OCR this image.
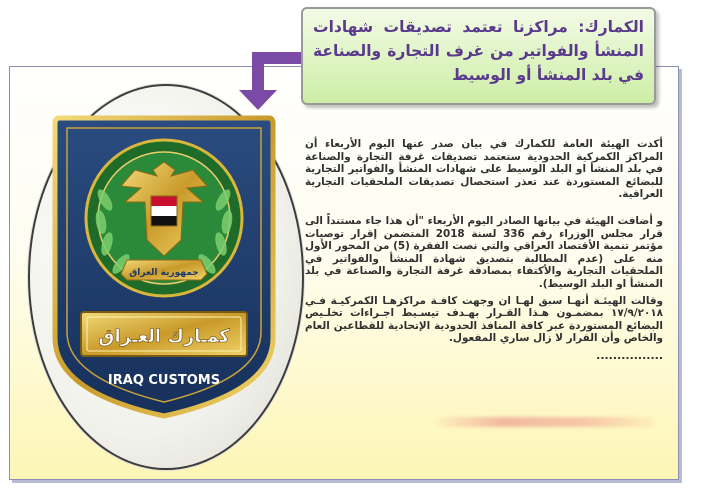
الكمارك: مراكزنا تعتمد تصديقات شهادات المنشأ والفواتير من غرف التجارة والصناعة في بلد المنشأ أو الوسيط

جمهورية العراق
كمـارك العـراق
IRAQ CUSTOMS

أكدت الهيئة العامة للكمارك في بيان صدر عنها اليوم الأربعاء أن المراكز الكمركية الحدودية ستعتمد تصديقات غرفة التجارة والصناعة في بلد المنشأ او البلد الوسيط على شهادات المنشأ والفواتير التجارية للبضائع المستوردة عند تعذر استحصال تصديقات الملحقيات التجارية العراقية.

و أضافت الهيئة في بيانها الصادر اليوم الأربعاء "أن هذا جاء مستنداً الى قرار مجلس الوزراء رقم 336 لسنة 2018 المتضمن إقرار توصيات مؤتمر تنمية الأقتصاد العراقي والتي نصت الفقرة (5) من المحور الأول منه على (عدم المطالبة بتصديق شهادة المنشأ والفواتير في الملحقيات التجارية والأكتفاء بمصادقة غرفة التجارة والصناعة في بلد المنشأ او البلد الوسيط).

وقالت الهيئـة أنهـا سبق لهـا ان وجهت كافـة مراكزهـا الكمركيـة فـي ١٧/٩/٢٠١٨ بمضمـون هـذا القـرار بهـدف تيسـيط اجـراءات تخلـيص البضائع المستوردة عبر كافة المنافذ الحدودية الإتحادية للقطاعين العام والخاص وأن القرار لا زال ساري المفعول.

................
